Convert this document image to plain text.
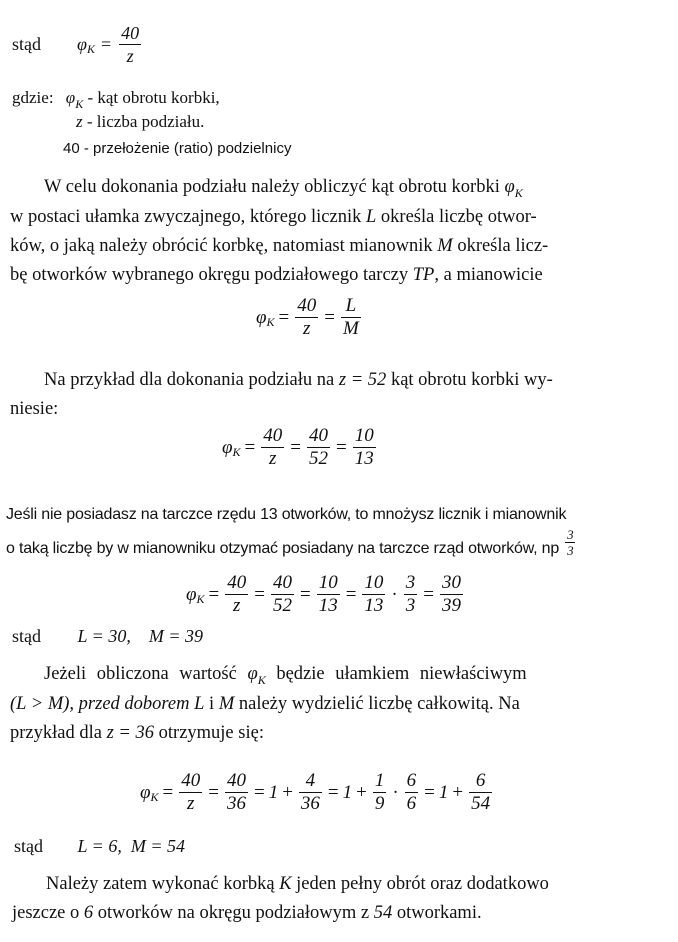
stąd φ $K = \frac{40}{z}$
gdzie: $\varphi_K$ - kąt obrotu korbki,
z - liczba podziału.
40 - przełożenie (ratio) podzielnicy
W celu dokonania podziału należy obliczyć kąt obrotu korbki $\varphi_K$
w postaci ułamka zwyczajnego, którego licznik L określa liczbę otwor-
ków, o jaką należy obrócić korbkę, natomiast mianownik M określa licz-
bę otworków wybranego okręgu podziałowego tarczy TP, a mianowicie
φ $K = \frac{40}{z} = \frac{L}{M}$
Na przykład dla dokonania podziału na z = 52 kąt obrotu korbki wy-
niesie:
φ $K = \frac{40}{z} = \frac{40}{52} = \frac{10}{13}$
Jeśli nie posiadasz na tarczce rzędu 13 otworków, to mnożysz licznik i mianownik
o taką liczbę by w mianowniku otzymać posiadany na tarczce rząd otworków, np $\frac{3}{3}$
φ $K = \frac{40}{z} = \frac{40}{52} = \frac{10}{13} = \frac{10}{13} \cdot \frac{3}{3} = \frac{30}{39}$
stąd L = 30,    M = 39
Jeżeli obliczona wartość $\varphi_K$ będzie ułamkiem niewłaściwym
(L > M), przed doborem L i M należy wydzielić liczbę całkowitą. Na
przykład dla z = 36 otrzymuje się:
φ $K = \frac{40}{z} = \frac{40}{36} = 1 + \frac{4}{36} = 1 + \frac{1}{9} \cdot \frac{6}{6} = 1 + \frac{6}{54}$
stąd L = 6,  M = 54
Należy zatem wykonać korbką K jeden pełny obrót oraz dodatkowo
jeszcze o 6 otworków na okręgu podziałowym z 54 otworkami.
